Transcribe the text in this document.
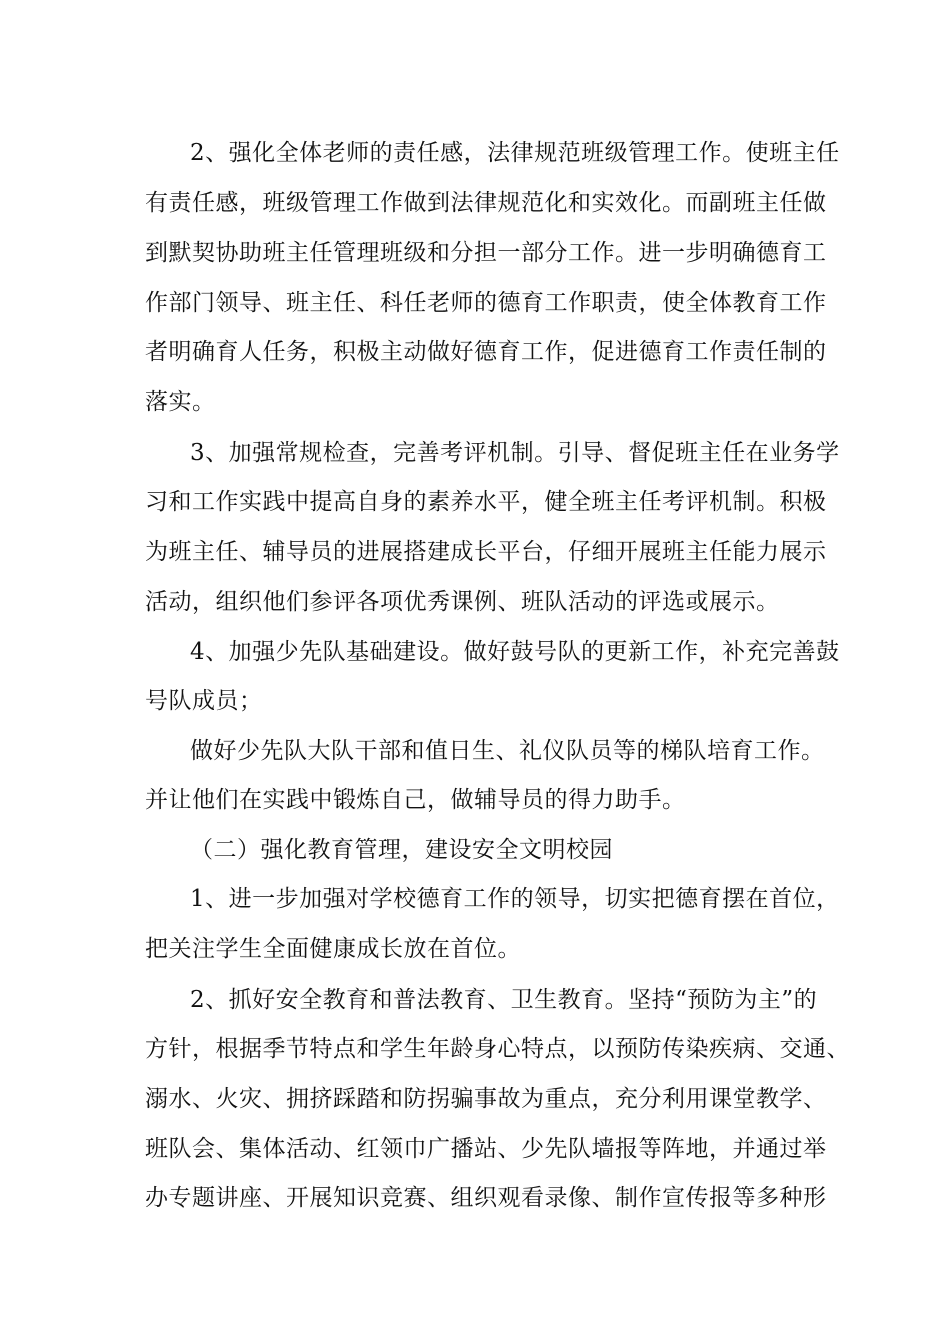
2、强化全体老师的责任感，法律规范班级管理工作。使班主任
有责任感，班级管理工作做到法律规范化和实效化。而副班主任做
到默契协助班主任管理班级和分担一部分工作。进一步明确德育工
作部门领导、班主任、科任老师的德育工作职责，使全体教育工作
者明确育人任务，积极主动做好德育工作，促进德育工作责任制的
落实。
3、加强常规检查，完善考评机制。引导、督促班主任在业务学
习和工作实践中提高自身的素养水平，健全班主任考评机制。积极
为班主任、辅导员的进展搭建成长平台，仔细开展班主任能力展示
活动，组织他们参评各项优秀课例、班队活动的评选或展示。
4、加强少先队基础建设。做好鼓号队的更新工作，补充完善鼓
号队成员；
做好少先队大队干部和值日生、礼仪队员等的梯队培育工作。
并让他们在实践中锻炼自己，做辅导员的得力助手。
（二）强化教育管理，建设安全文明校园
1、进一步加强对学校德育工作的领导，切实把德育摆在首位，
把关注学生全面健康成长放在首位。
2、抓好安全教育和普法教育、卫生教育。坚持“预防为主”的
方针，根据季节特点和学生年龄身心特点，以预防传染疾病、交通、
溺水、火灾、拥挤踩踏和防拐骗事故为重点，充分利用课堂教学、
班队会、集体活动、红领巾广播站、少先队墙报等阵地，并通过举
办专题讲座、开展知识竞赛、组织观看录像、制作宣传报等多种形
